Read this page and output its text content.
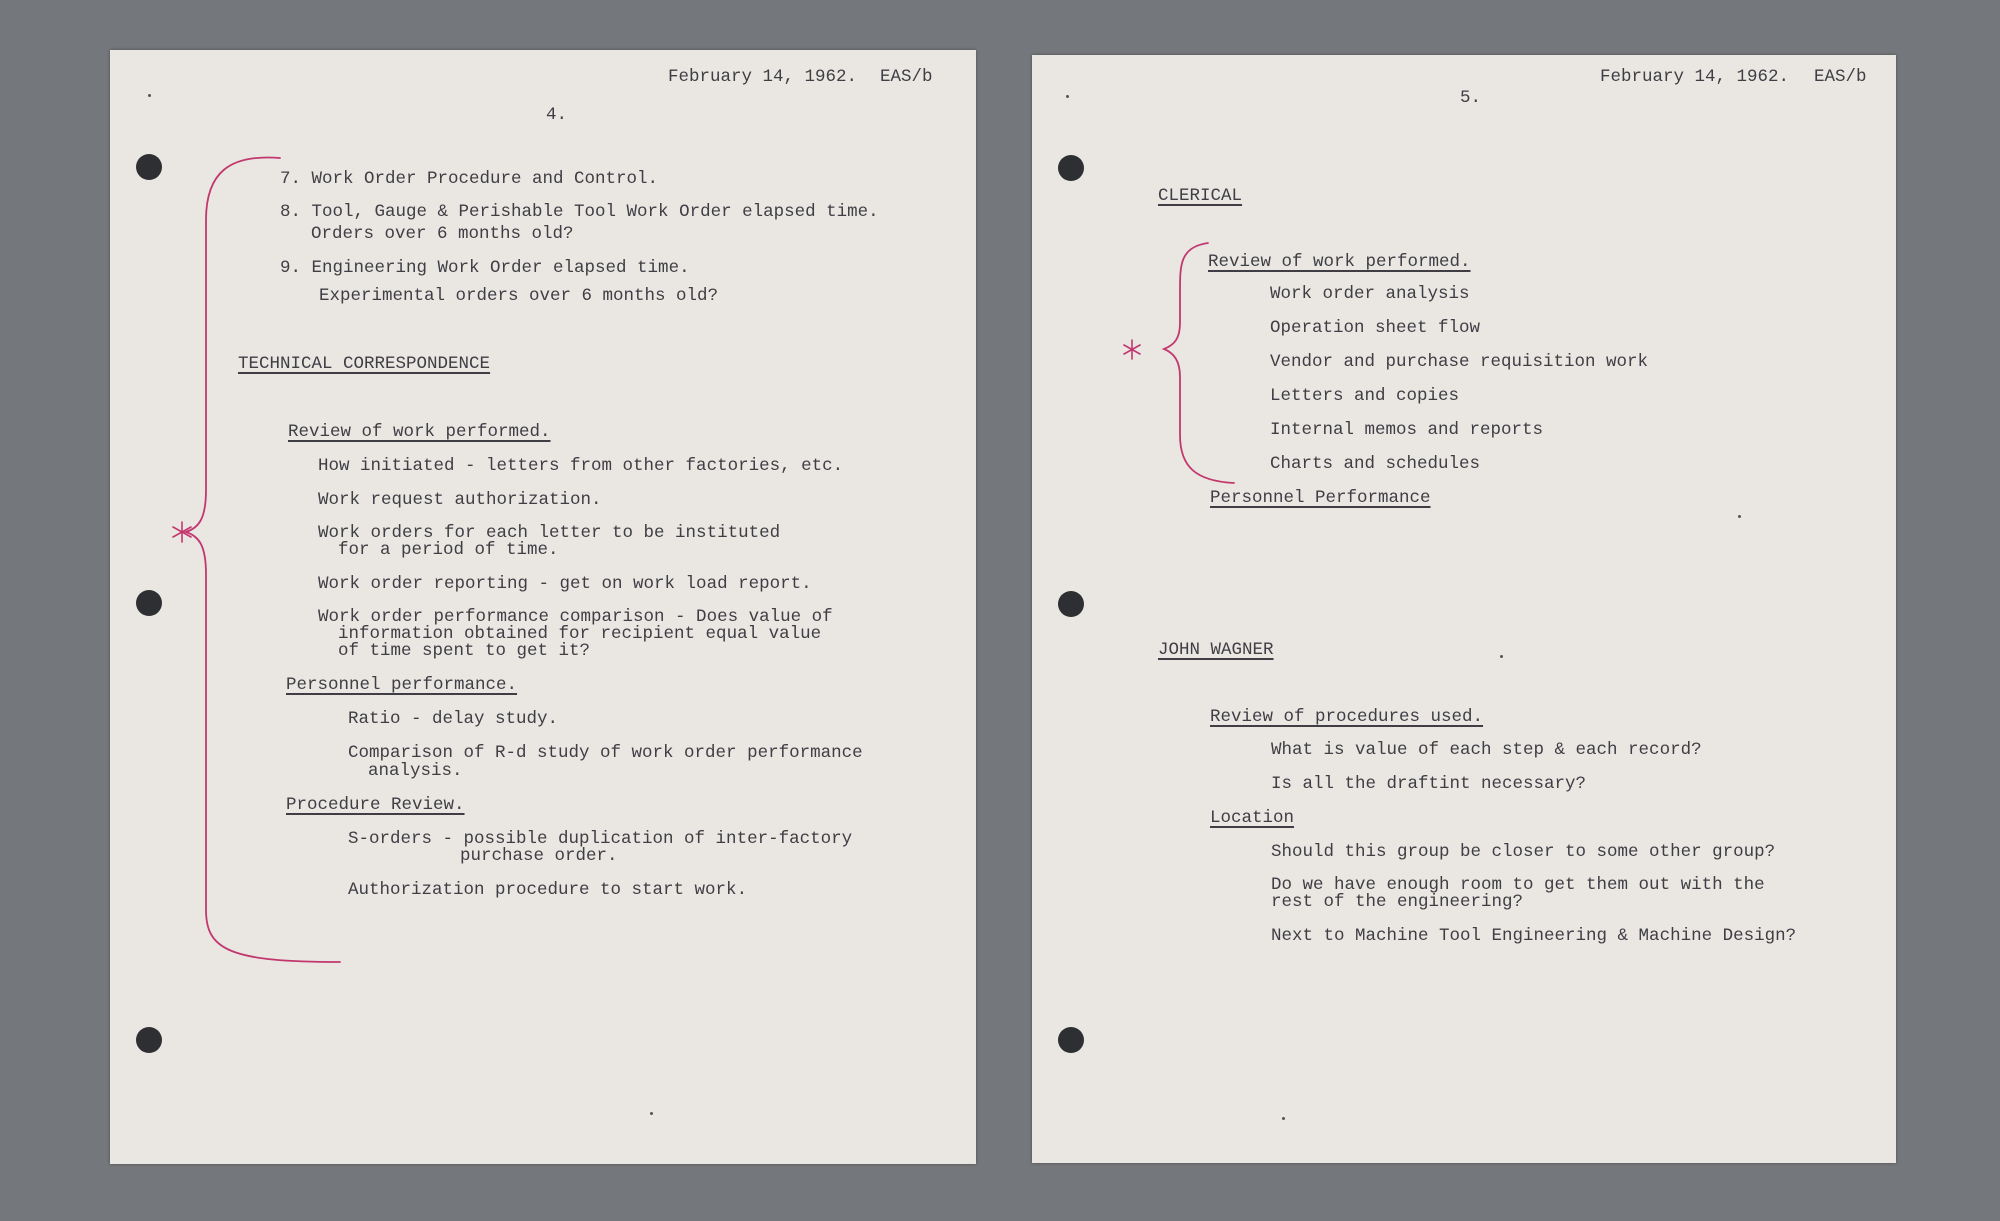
February 14, 1962. EAS/b
4.
7. Work Order Procedure and Control.
8. Tool, Gauge & Perishable Tool Work Order elapsed time.
Orders over 6 months old?
9. Engineering Work Order elapsed time.
Experimental orders over 6 months old?
TECHNICAL CORRESPONDENCE
Review of work performed.
How initiated - letters from other factories, etc.
Work request authorization.
Work orders for each letter to be instituted
for a period of time.
Work order reporting - get on work load report.
Work order performance comparison - Does value of
information obtained for recipient equal value
of time spent to get it?
Personnel performance.
Ratio - delay study.
Comparison of R-d study of work order performance
analysis.
Procedure Review.
S-orders - possible duplication of inter-factory
purchase order.
Authorization procedure to start work.
February 14, 1962. EAS/b
5.
CLERICAL
Review of work performed.
Work order analysis
Operation sheet flow
Vendor and purchase requisition work
Letters and copies
Internal memos and reports
Charts and schedules
Personnel Performance
JOHN WAGNER
Review of procedures used.
What is value of each step & each record?
Is all the draftint necessary?
Location
Should this group be closer to some other group?
Do we have enough room to get them out with the
rest of the engineering?
Next to Machine Tool Engineering & Machine Design?
